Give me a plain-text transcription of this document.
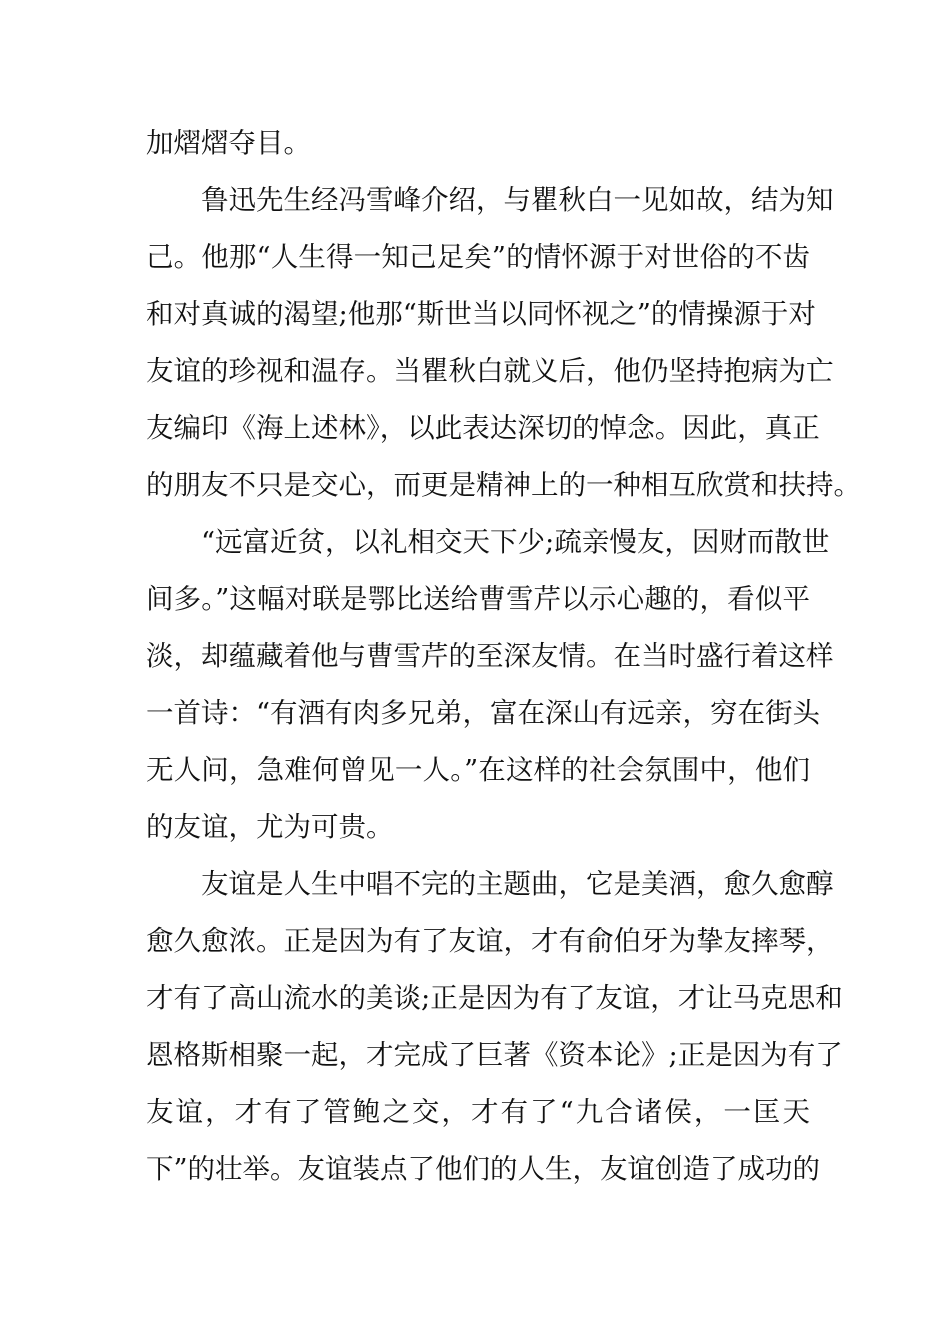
加熠熠夺目。

鲁迅先生经冯雪峰介绍，与瞿秋白一见如故，结为知

己。他那“人生得一知己足矣”的情怀源于对世俗的不齿

和对真诚的渴望;他那“斯世当以同怀视之”的情操源于对

友谊的珍视和温存。当瞿秋白就义后，他仍坚持抱病为亡

友编印《海上述林》，以此表达深切的悼念。因此，真正

的朋友不只是交心，而更是精神上的一种相互欣赏和扶持。

“远富近贫，以礼相交天下少;疏亲慢友，因财而散世

间多。”这幅对联是鄂比送给曹雪芹以示心趣的，看似平

淡，却蕴藏着他与曹雪芹的至深友情。在当时盛行着这样

一首诗：“有酒有肉多兄弟，富在深山有远亲，穷在街头

无人问，急难何曾见一人。”在这样的社会氛围中，他们

的友谊，尤为可贵。

友谊是人生中唱不完的主题曲，它是美酒，愈久愈醇

愈久愈浓。正是因为有了友谊，才有俞伯牙为挚友摔琴，

才有了高山流水的美谈;正是因为有了友谊，才让马克思和

恩格斯相聚一起，才完成了巨著《资本论》;正是因为有了

友谊，才有了管鲍之交，才有了“九合诸侯，一匡天

下”的壮举。友谊装点了他们的人生，友谊创造了成功的
